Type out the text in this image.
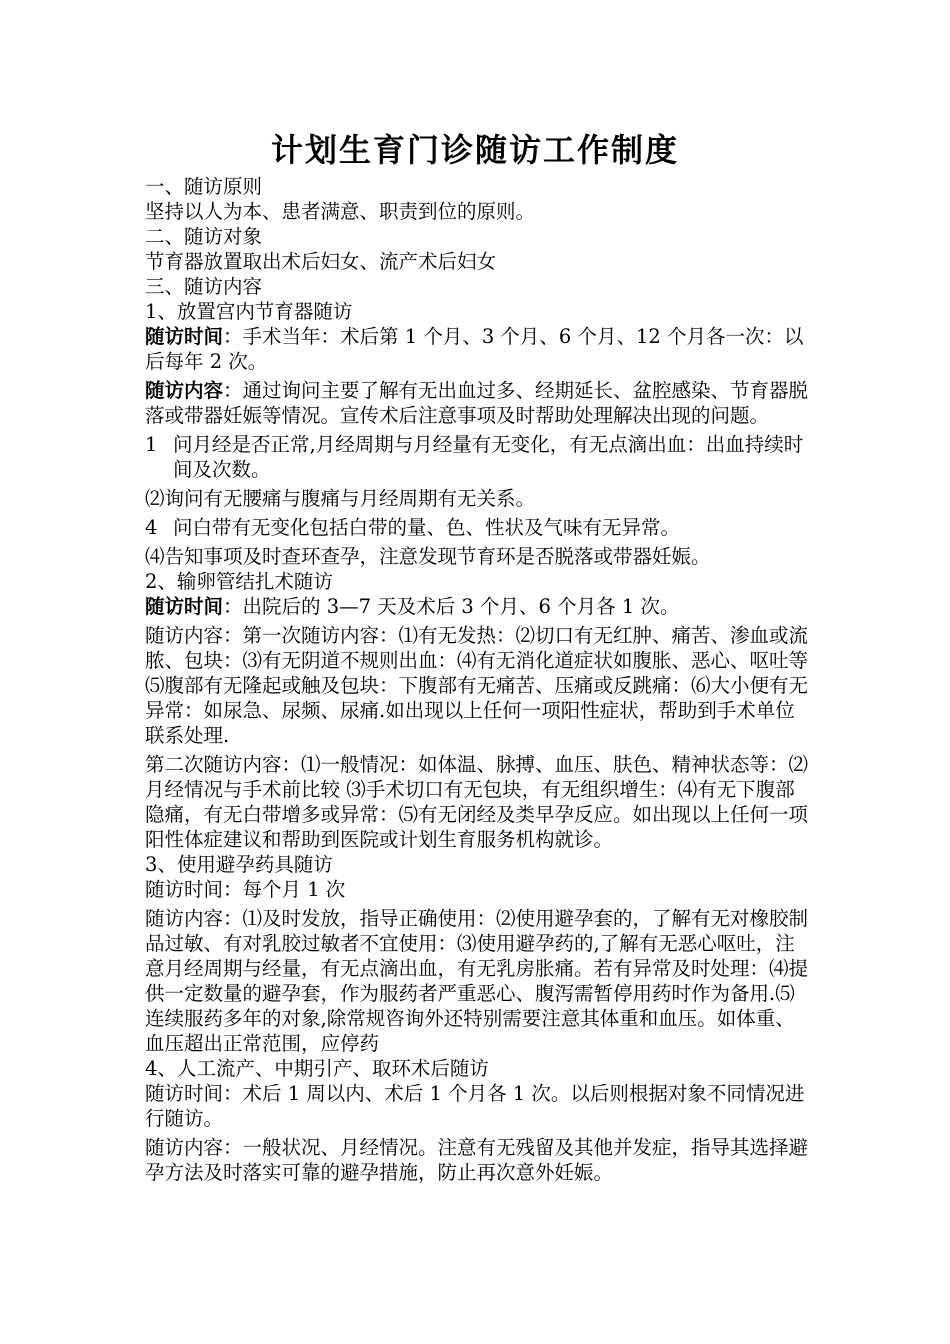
计划生育门诊随访工作制度

一、随访原则

坚持以人为本、患者满意、职责到位的原则。

二、随访对象

节育器放置取出术后妇女、流产术后妇女

三、随访内容

1、放置宫内节育器随访

随访时间：手术当年：术后第 1 个月、3 个月、6 个月、12 个月各一次：以后每年 2 次。

随访内容：通过询问主要了解有无出血过多、经期延长、盆腔感染、节育器脱落或带器妊娠等情况。宣传术后注意事项及时帮助处理解决出现的问题。

1 问月经是否正常,月经周期与月经量有无变化，有无点滴出血：出血持续时间及次数。

⑵询问有无腰痛与腹痛与月经周期有无关系。

4 问白带有无变化包括白带的量、色、性状及气味有无异常。

⑷告知事项及时查环查孕，注意发现节育环是否脱落或带器妊娠。

2、输卵管结扎术随访

随访时间：出院后的 3—7 天及术后 3 个月、6 个月各 1 次。

随访内容：第一次随访内容：⑴有无发热：⑵切口有无红肿、痛苦、渗血或流脓、包块：⑶有无阴道不规则出血：⑷有无消化道症状如腹胀、恶心、呕吐等 ⑸腹部有无隆起或触及包块：下腹部有无痛苦、压痛或反跳痛：⑹大小便有无异常：如尿急、尿频、尿痛.如出现以上任何一项阳性症状，帮助到手术单位联系处理.

第二次随访内容：⑴一般情况：如体温、脉搏、血压、肤色、精神状态等：⑵月经情况与手术前比较 ⑶手术切口有无包块，有无组织增生：⑷有无下腹部隐痛，有无白带增多或异常：⑸有无闭经及类早孕反应。如出现以上任何一项阳性体症建议和帮助到医院或计划生育服务机构就诊。

3、使用避孕药具随访

随访时间：每个月 1 次

随访内容：⑴及时发放，指导正确使用：⑵使用避孕套的，了解有无对橡胶制品过敏、有对乳胶过敏者不宜使用：⑶使用避孕药的,了解有无恶心呕吐，注意月经周期与经量，有无点滴出血，有无乳房胀痛。若有异常及时处理：⑷提供一定数量的避孕套，作为服药者严重恶心、腹泻需暂停用药时作为备用.⑸ 连续服药多年的对象,除常规咨询外还特别需要注意其体重和血压。如体重、血压超出正常范围，应停药

4、人工流产、中期引产、取环术后随访

随访时间：术后 1 周以内、术后 1 个月各 1 次。以后则根据对象不同情况进行随访。

随访内容：一般状况、月经情况。注意有无残留及其他并发症，指导其选择避孕方法及时落实可靠的避孕措施，防止再次意外妊娠。
